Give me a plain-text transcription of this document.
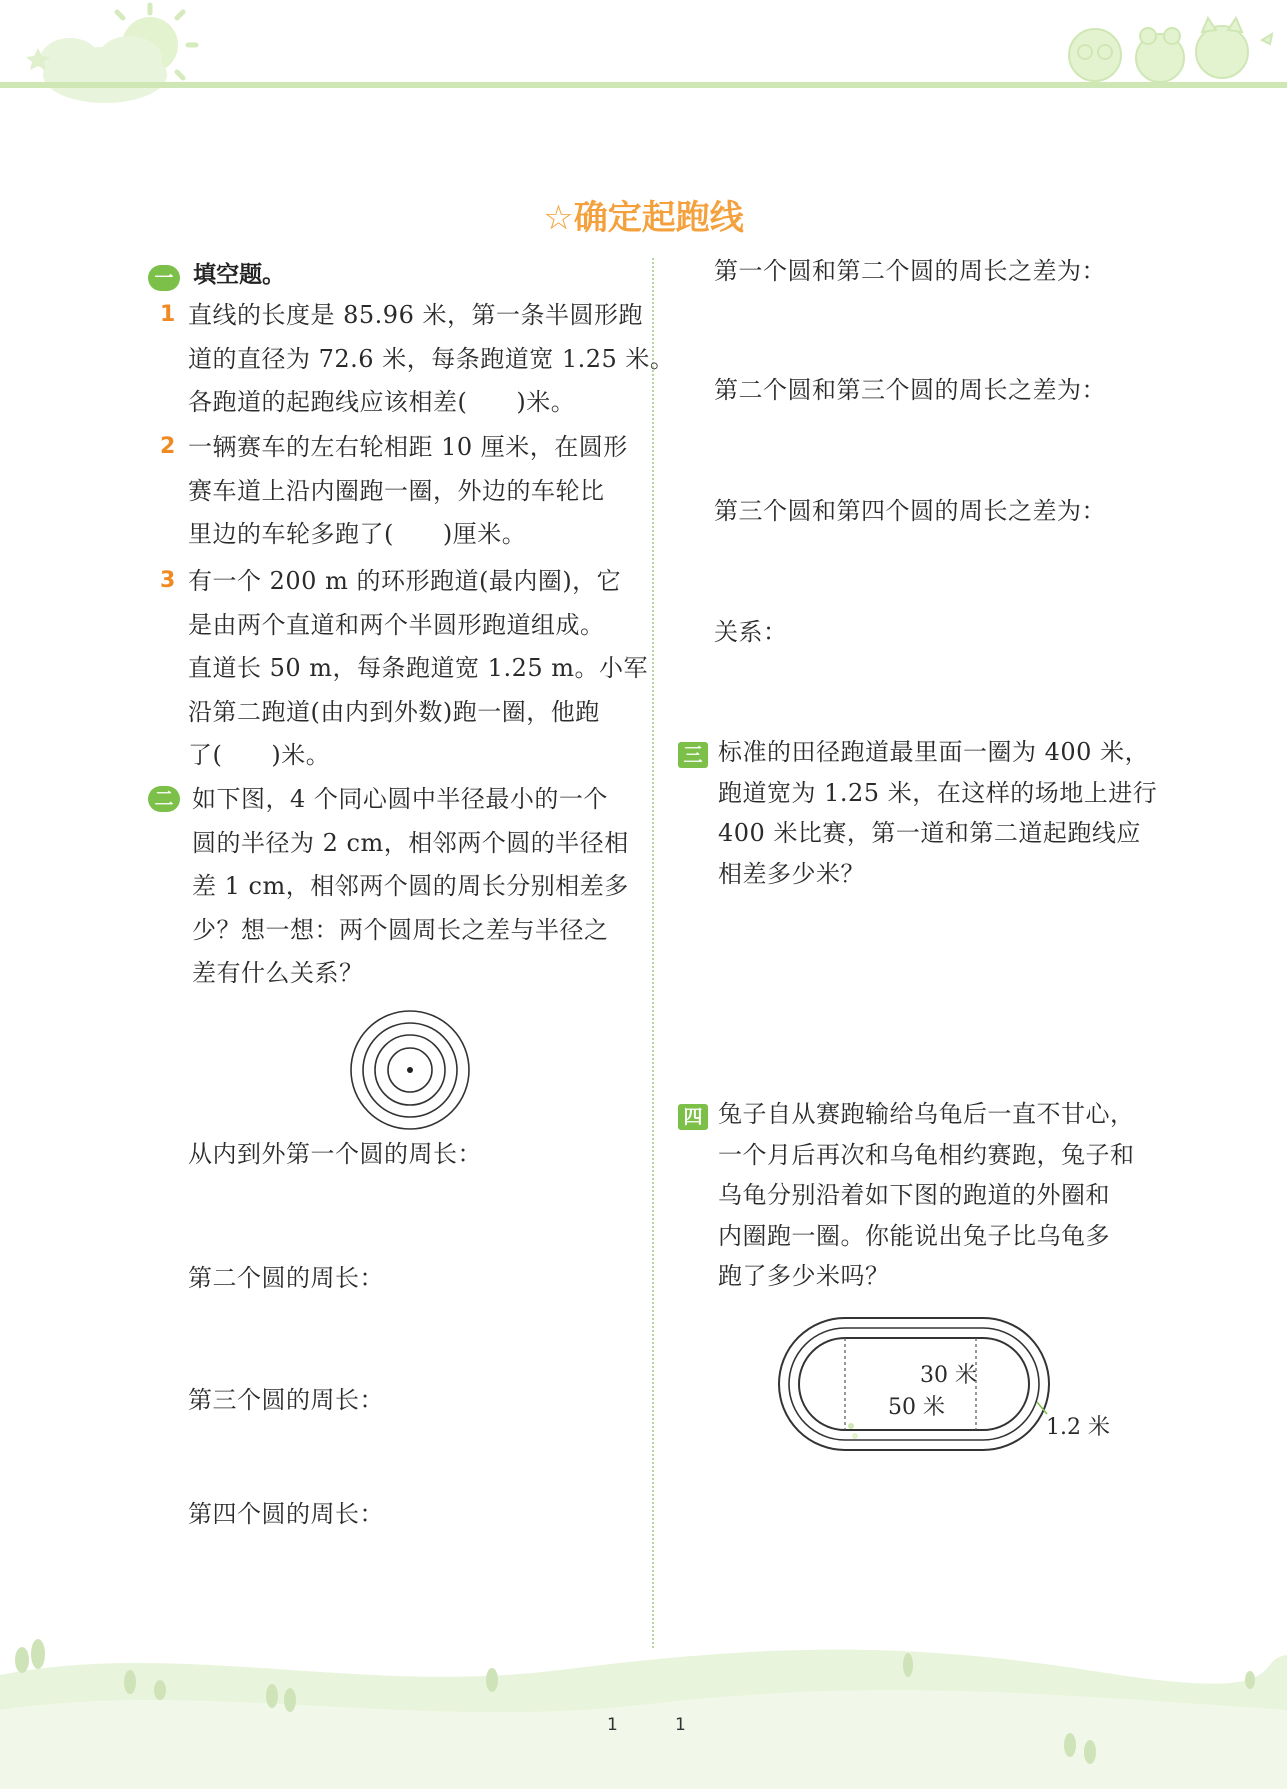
☆确定起跑线
一 填空题。
1 直线的长度是 85.96 米，第一条半圆形跑
道的直径为 72.6 米，每条跑道宽 1.25 米。
各跑道的起跑线应该相差(　　)米。
2 一辆赛车的左右轮相距 10 厘米，在圆形
赛车道上沿内圈跑一圈，外边的车轮比
里边的车轮多跑了(　　)厘米。
3 有一个 200 m 的环形跑道(最内圈)，它
是由两个直道和两个半圆形跑道组成。
直道长 50 m，每条跑道宽 1.25 m。小军
沿第二跑道(由内到外数)跑一圈，他跑
了(　　)米。
二 如下图，4 个同心圆中半径最小的一个
圆的半径为 2 cm，相邻两个圆的半径相
差 1 cm，相邻两个圆的周长分别相差多
少？想一想：两个圆周长之差与半径之
差有什么关系？
从内到外第一个圆的周长：
第二个圆的周长：
第三个圆的周长：
第四个圆的周长：
第一个圆和第二个圆的周长之差为：
第二个圆和第三个圆的周长之差为：
第三个圆和第四个圆的周长之差为：
关系：
三 标准的田径跑道最里面一圈为 400 米，
跑道宽为 1.25 米，在这样的场地上进行
400 米比赛，第一道和第二道起跑线应
相差多少米？
四 兔子自从赛跑输给乌龟后一直不甘心，
一个月后再次和乌龟相约赛跑，兔子和
乌龟分别沿着如下图的跑道的外圈和
内圈跑一圈。你能说出兔子比乌龟多
跑了多少米吗？
30 米
50 米
1.2 米
1	1
